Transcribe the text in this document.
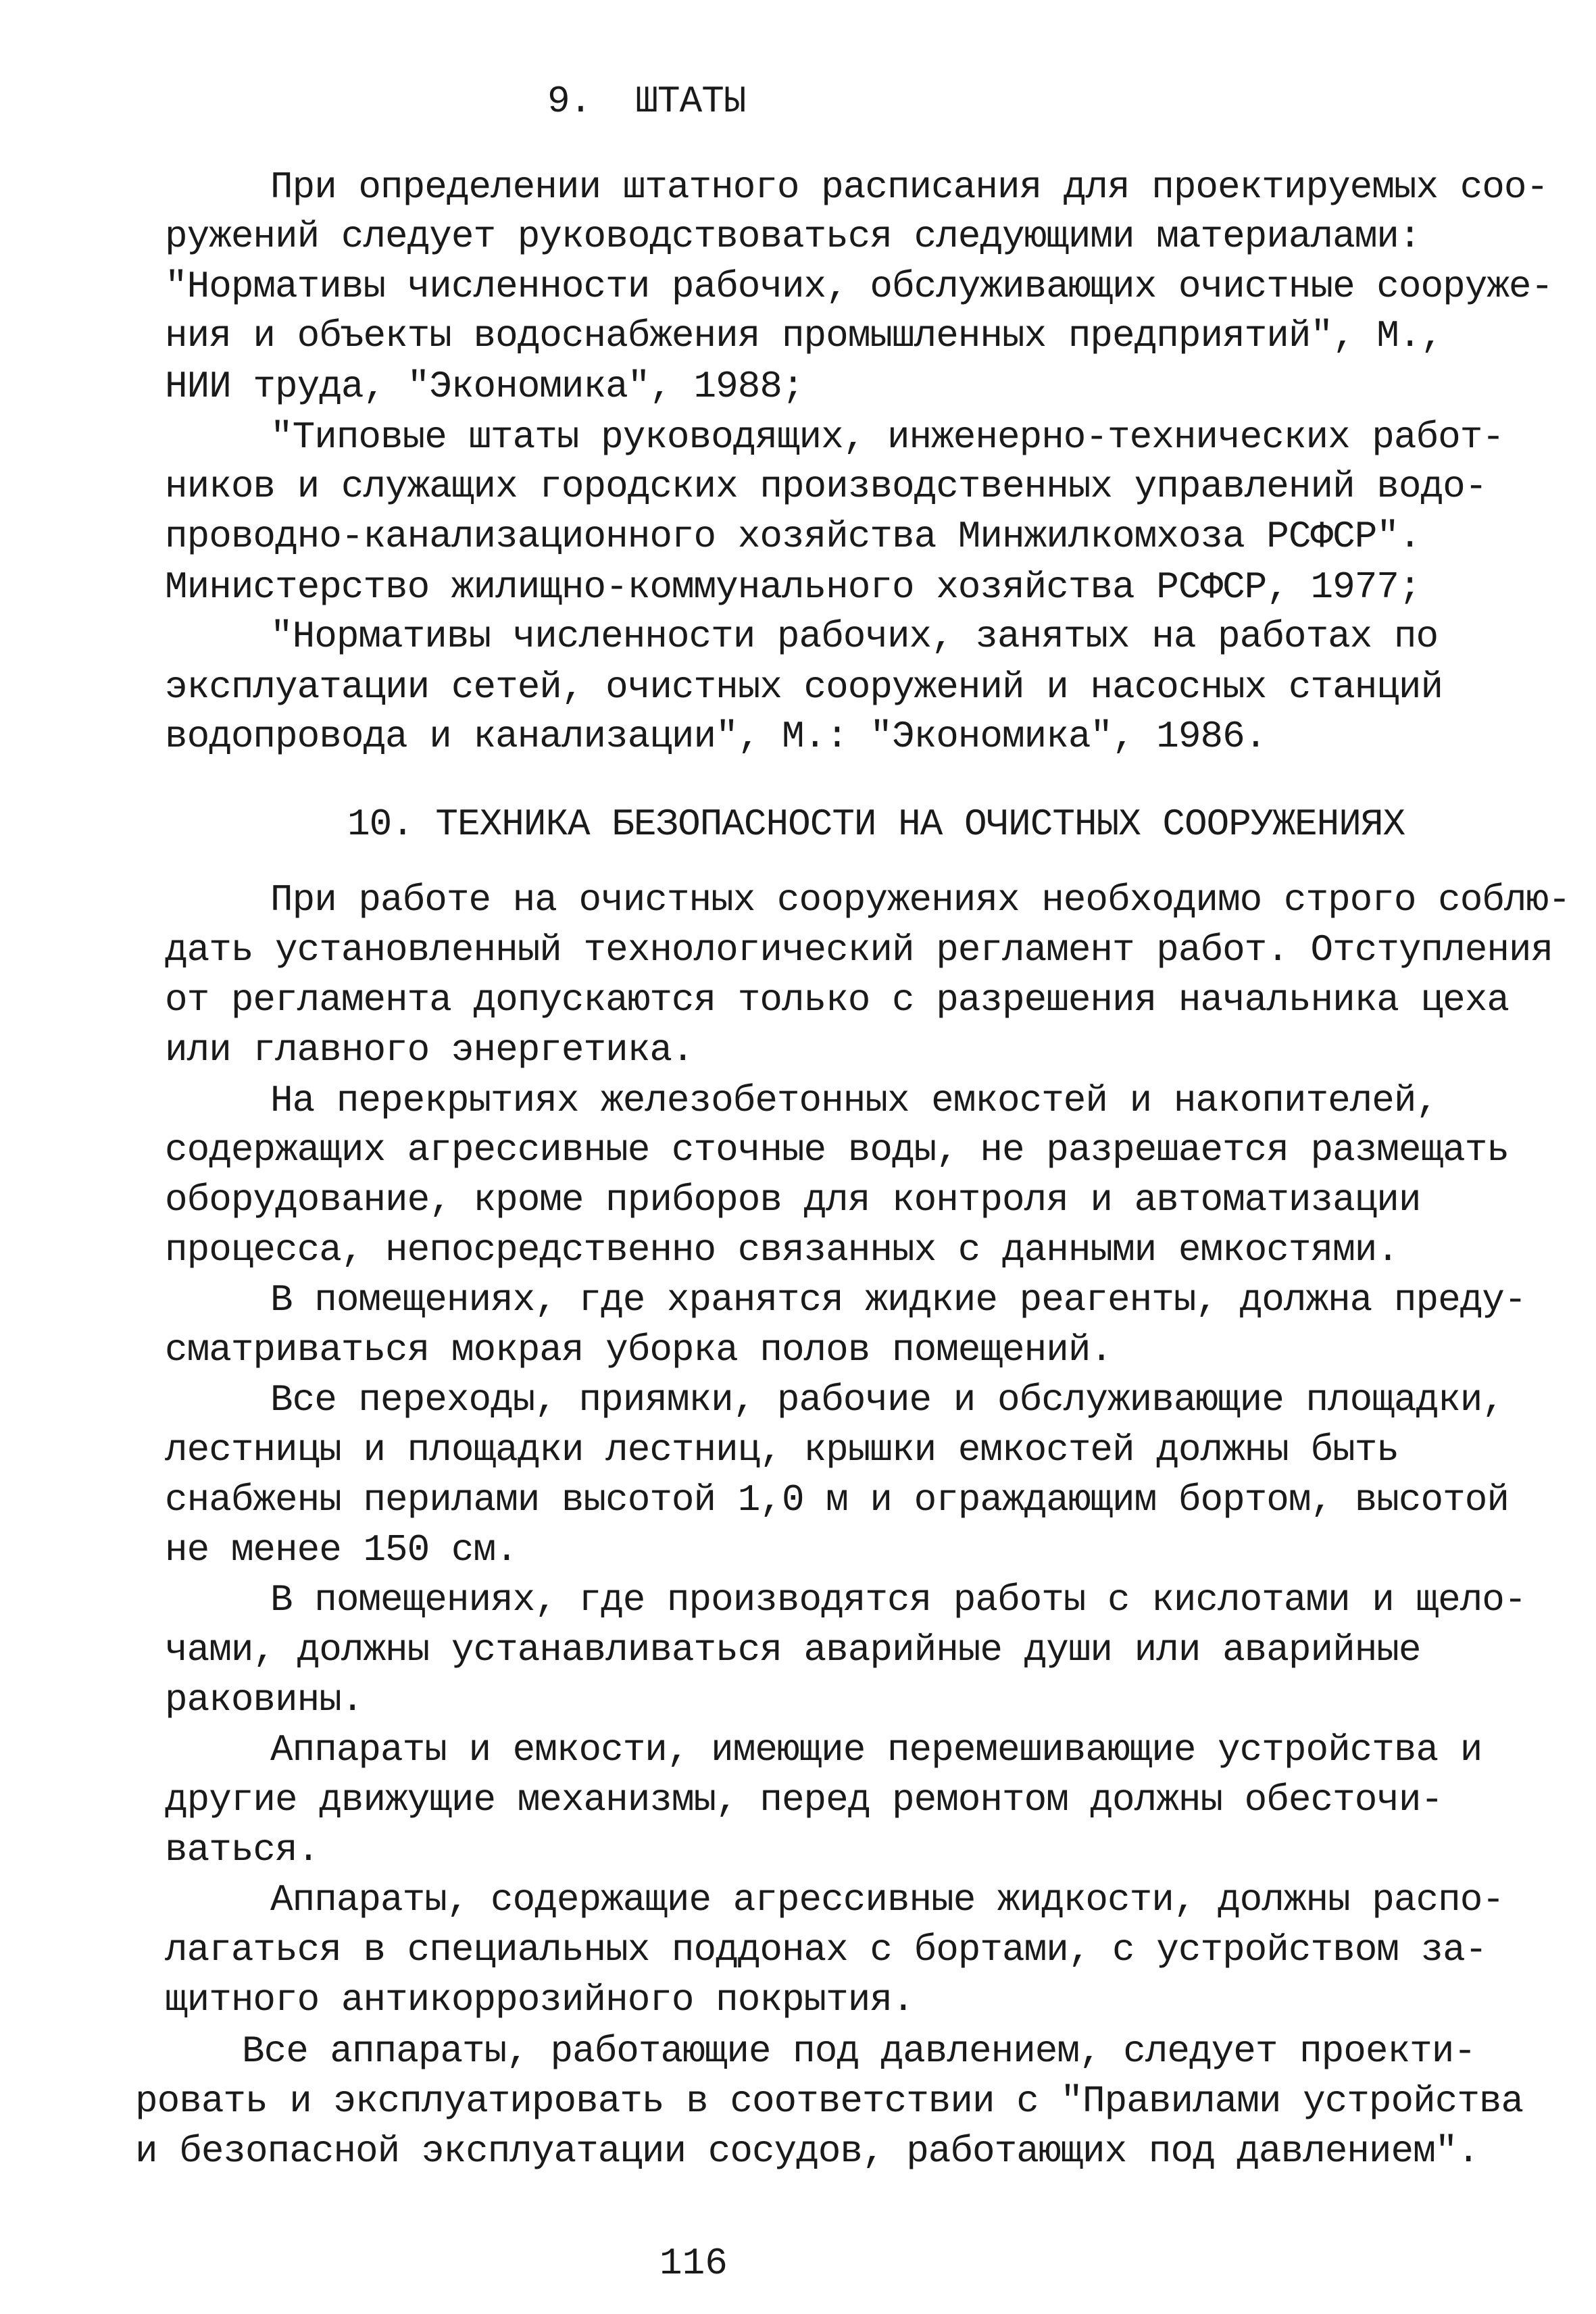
9.  ШТАТЫ
При определении штатного расписания для проектируемых соо-
ружений следует руководствоваться следующими материалами:
"Нормативы численности рабочих, обслуживающих очистные сооруже-
ния и объекты водоснабжения промышленных предприятий", М.,
НИИ труда, "Экономика", 1988;
"Типовые штаты руководящих, инженерно-технических работ-
ников и служащих городских производственных управлений водо-
проводно-канализационного хозяйства Минжилкомхоза РСФСР".
Министерство жилищно-коммунального хозяйства РСФСР, 1977;
"Нормативы численности рабочих, занятых на работах по
эксплуатации сетей, очистных сооружений и насосных станций
водопровода и канализации", М.: "Экономика", 1986.
10. ТЕХНИКА БЕЗОПАСНОСТИ НА ОЧИСТНЫХ СООРУЖЕНИЯХ
При работе на очистных сооружениях необходимо строго соблю-
дать установленный технологический регламент работ. Отступления
от регламента допускаются только с разрешения начальника цеха
или главного энергетика.
На перекрытиях железобетонных емкостей и накопителей,
содержащих агрессивные сточные воды, не разрешается размещать
оборудование, кроме приборов для контроля и автоматизации
процесса, непосредственно связанных с данными емкостями.
В помещениях, где хранятся жидкие реагенты, должна преду-
сматриваться мокрая уборка полов помещений.
Все переходы, приямки, рабочие и обслуживающие площадки,
лестницы и площадки лестниц, крышки емкостей должны быть
снабжены перилами высотой 1,0 м и ограждающим бортом, высотой
не менее 150 см.
В помещениях, где производятся работы с кислотами и щело-
чами, должны устанавливаться аварийные души или аварийные
раковины.
Аппараты и емкости, имеющие перемешивающие устройства и
другие движущие механизмы, перед ремонтом должны обесточи-
ваться.
Аппараты, содержащие агрессивные жидкости, должны распо-
лагаться в специальных поддонах с бортами, с устройством за-
щитного антикоррозийного покрытия.
Все аппараты, работающие под давлением, следует проекти-
ровать и эксплуатировать в соответствии с "Правилами устройства
и безопасной эксплуатации сосудов, работающих под давлением".
116
